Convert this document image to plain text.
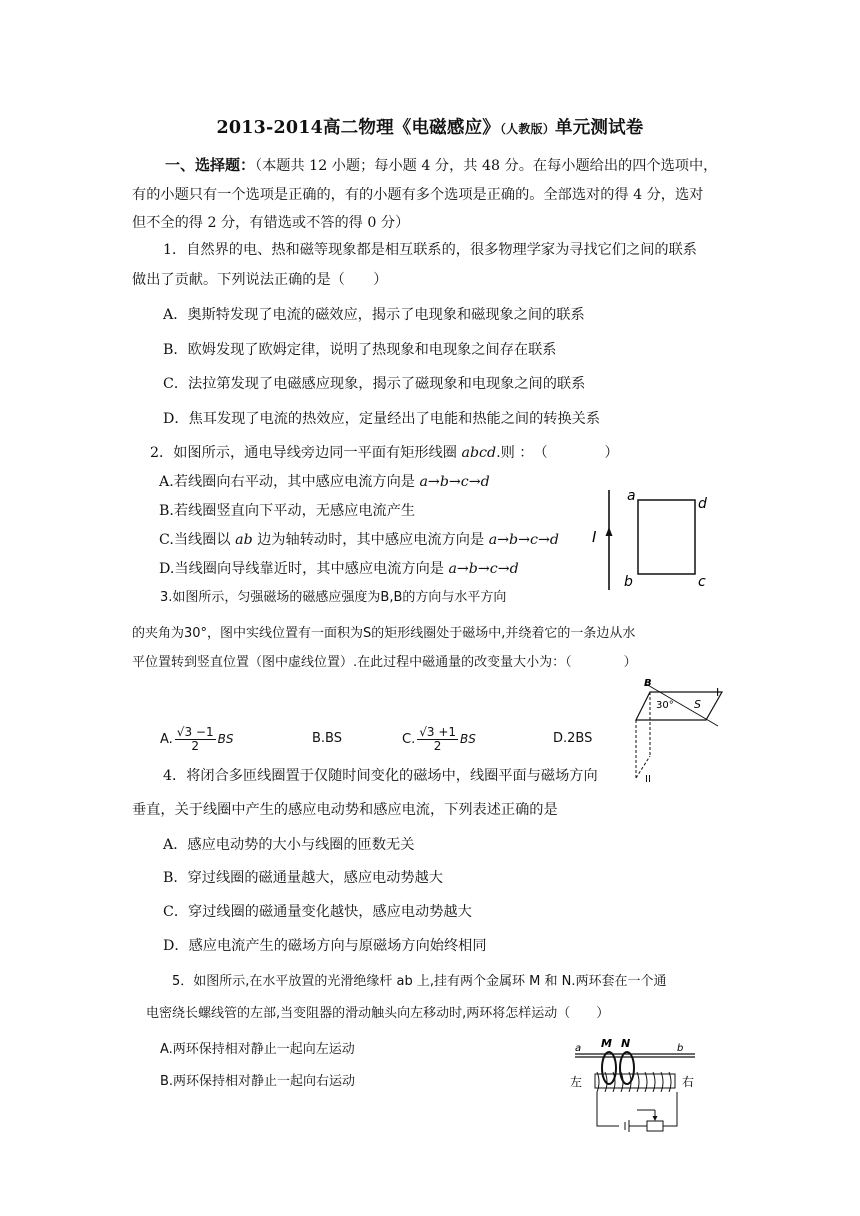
2013-2014高二物理《电磁感应》（人教版）单元测试卷
一、选择题：（本题共 12 小题；每小题 4 分，共 48 分。在每小题给出的四个选项中，
有的小题只有一个选项是正确的，有的小题有多个选项是正确的。全部选对的得 4 分，选对
但不全的得 2 分，有错选或不答的得 0 分）
1．自然界的电、热和磁等现象都是相互联系的，很多物理学家为寻找它们之间的联系
做出了贡献。下列说法正确的是（　　）
A．奥斯特发现了电流的磁效应，揭示了电现象和磁现象之间的联系
B．欧姆发现了欧姆定律，说明了热现象和电现象之间存在联系
C．法拉第发现了电磁感应现象，揭示了磁现象和电现象之间的联系
D．焦耳发现了电流的热效应，定量经出了电能和热能之间的转换关系
2．如图所示，通电导线旁边同一平面有矩形线圈 abcd.则 ：　（　　　　）
A.若线圈向右平动，其中感应电流方向是 a→b→c→d
B.若线圈竖直向下平动，无感应电流产生
C.当线圈以 ab 边为轴转动时，其中感应电流方向是 a→b→c→d
D.当线圈向导线靠近时，其中感应电流方向是 a→b→c→d
I
a	d
b	c
3.如图所示，匀强磁场的磁感应强度为B,B的方向与水平方向
的夹角为30°，图中实线位置有一面积为S的矩形线圈处于磁场中,并绕着它的一条边从水
平位置转到竖直位置（图中虚线位置）.在此过程中磁通量的改变量大小为：（　　　　）
A. $\frac{√3 -1}{2}$ BS	B.BS	C. $\frac{√3 +1}{2}$ BS	D.2BS
B
30° S
I
II
4．将闭合多匝线圈置于仅随时间变化的磁场中，线圈平面与磁场方向
垂直，关于线圈中产生的感应电动势和感应电流，下列表述正确的是
A．感应电动势的大小与线圈的匝数无关
B．穿过线圈的磁通量越大，感应电动势越大
C．穿过线圈的磁通量变化越快，感应电动势越大
D．感应电流产生的磁场方向与原磁场方向始终相同
5．如图所示,在水平放置的光滑绝缘杆 ab 上,挂有两个金属环 M 和 N.两环套在一个通
电密绕长螺线管的左部,当变阻器的滑动触头向左移动时,两环将怎样运动（　　）
A.两环保持相对静止一起向左运动
B.两环保持相对静止一起向右运动
a	b
M N
左	右
